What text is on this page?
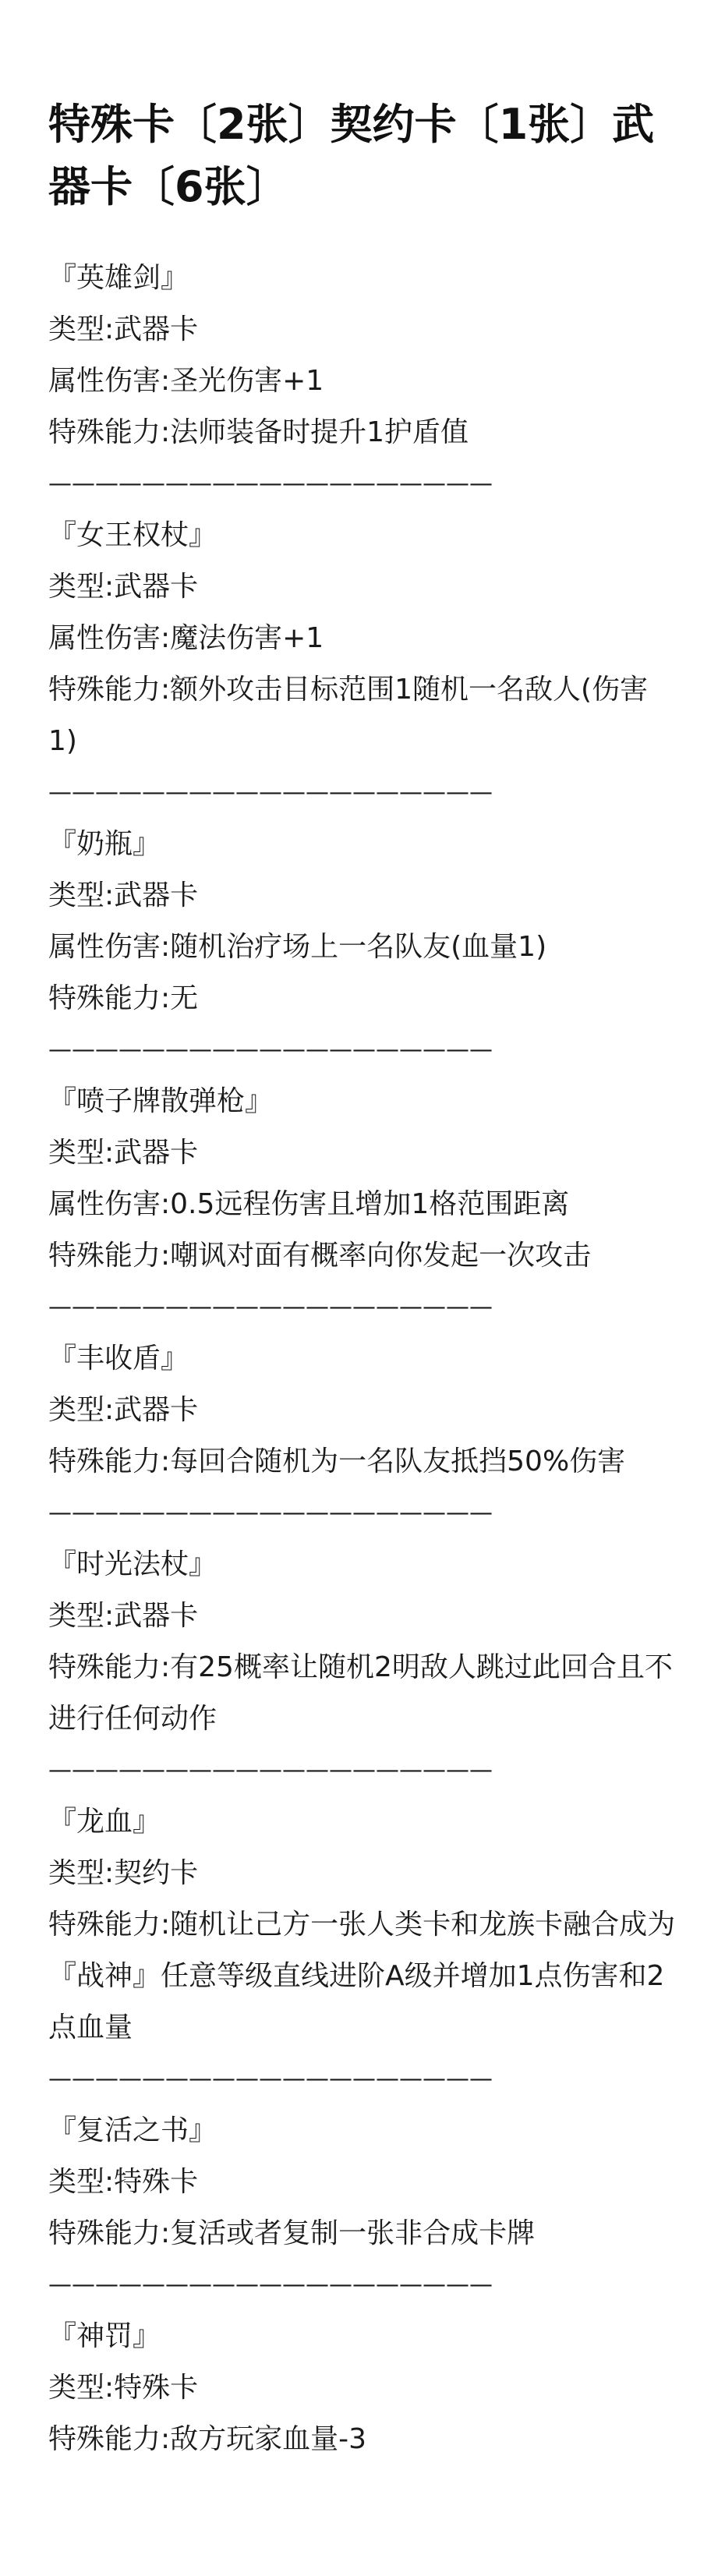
特殊卡〔2张〕契约卡〔1张〕武器卡〔6张〕
『英雄剑』
类型:武器卡
属性伤害:圣光伤害+1
特殊能力:法师装备时提升1护盾值
———————————————————
『女王权杖』
类型:武器卡
属性伤害:魔法伤害+1
特殊能力:额外攻击目标范围1随机一名敌人(伤害1)
———————————————————
『奶瓶』
类型:武器卡
属性伤害:随机治疗场上一名队友(血量1)
特殊能力:无
———————————————————
『喷子牌散弹枪』
类型:武器卡
属性伤害:0.5远程伤害且增加1格范围距离
特殊能力:嘲讽对面有概率向你发起一次攻击
———————————————————
『丰收盾』
类型:武器卡
特殊能力:每回合随机为一名队友抵挡50%伤害
———————————————————
『时光法杖』
类型:武器卡
特殊能力:有25概率让随机2明敌人跳过此回合且不进行任何动作
———————————————————
『龙血』
类型:契约卡
特殊能力:随机让己方一张人类卡和龙族卡融合成为『战神』任意等级直线进阶A级并增加1点伤害和2点血量
———————————————————
『复活之书』
类型:特殊卡
特殊能力:复活或者复制一张非合成卡牌
———————————————————
『神罚』
类型:特殊卡
特殊能力:敌方玩家血量-3
